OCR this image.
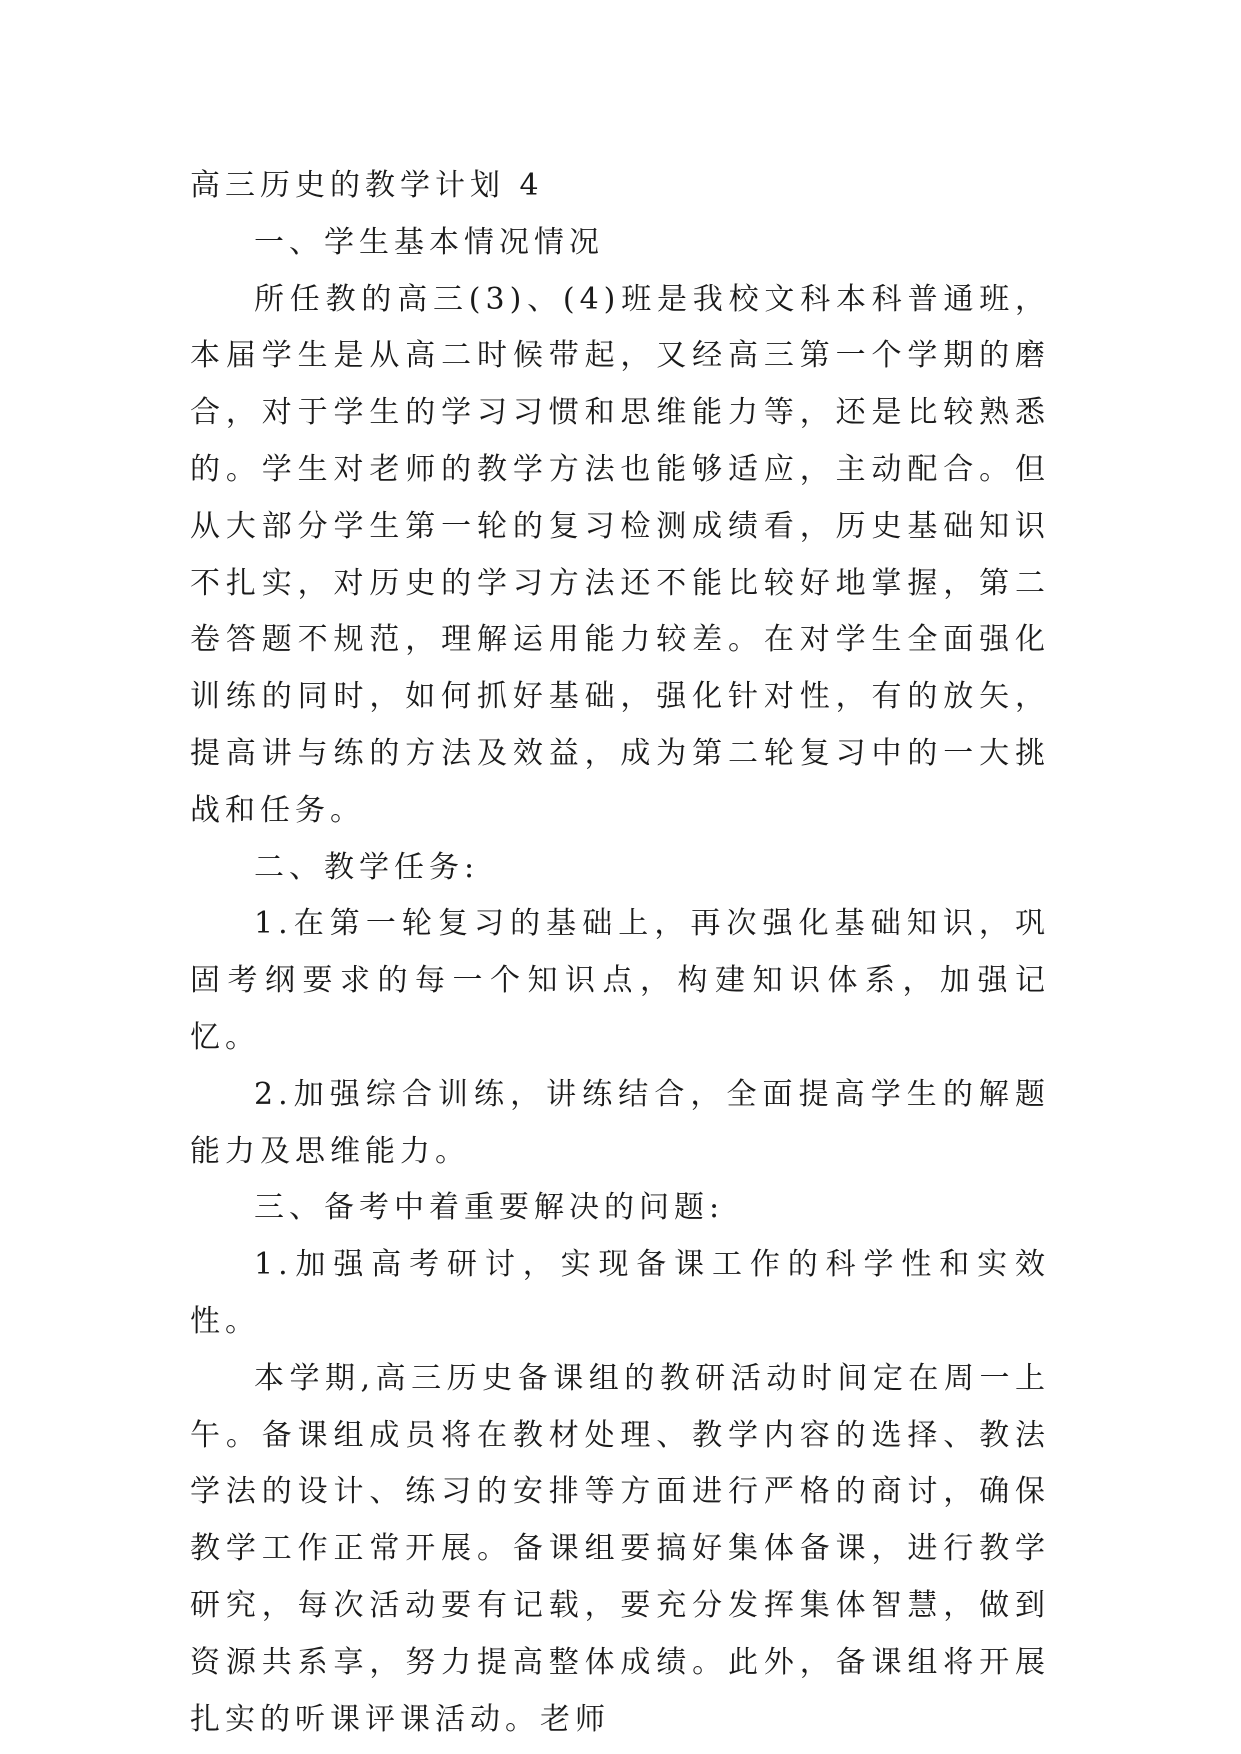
高三历史的教学计划 4

一、学生基本情况情况

所任教的高三(3)、(4)班是我校文科本科普通班，本届学生是从高二时候带起，又经高三第一个学期的磨合，对于学生的学习习惯和思维能力等，还是比较熟悉的。学生对老师的教学方法也能够适应，主动配合。但从大部分学生第一轮的复习检测成绩看，历史基础知识不扎实，对历史的学习方法还不能比较好地掌握，第二卷答题不规范，理解运用能力较差。在对学生全面强化训练的同时，如何抓好基础，强化针对性，有的放矢，提高讲与练的方法及效益，成为第二轮复习中的一大挑战和任务。

二、教学任务:

1.在第一轮复习的基础上，再次强化基础知识，巩固考纲要求的每一个知识点，构建知识体系，加强记忆。

2.加强综合训练，讲练结合，全面提高学生的解题能力及思维能力。

三、备考中着重要解决的问题:

1.加强高考研讨，实现备课工作的科学性和实效性。

本学期,高三历史备课组的教研活动时间定在周一上午。备课组成员将在教材处理、教学内容的选择、教法学法的设计、练习的安排等方面进行严格的商讨，确保教学工作正常开展。备课组要搞好集体备课，进行教学研究，每次活动要有记载，要充分发挥集体智慧，做到资源共系享，努力提高整体成绩。此外，备课组将开展扎实的听课评课活动。老师
